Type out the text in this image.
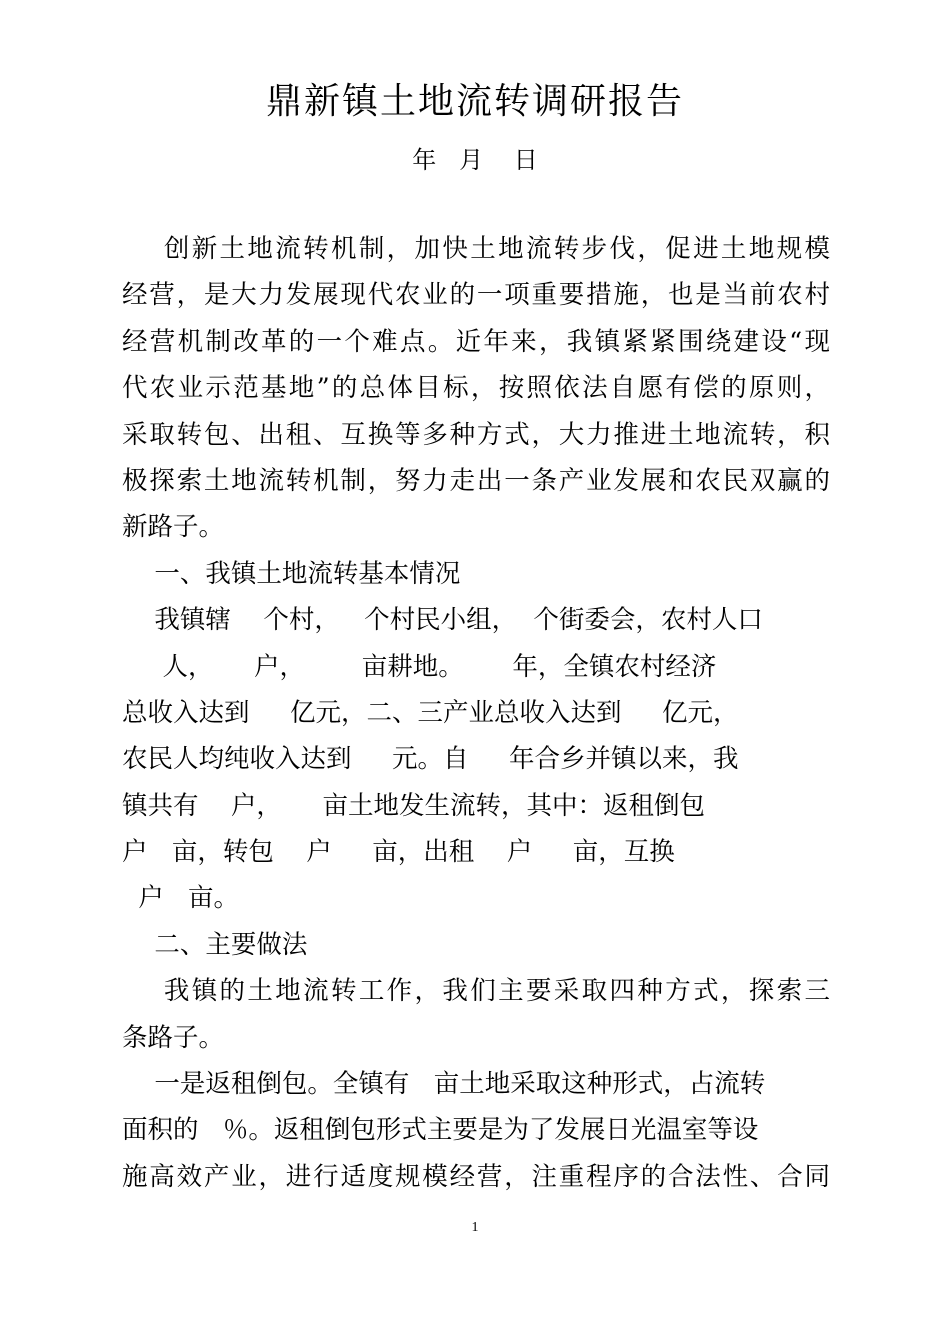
鼎新镇土地流转调研报告
年   月    日
创新土地流转机制，加快土地流转步伐，促进土地规模
经营，是大力发展现代农业的一项重要措施，也是当前农村
经营机制改革的一个难点。近年来，我镇紧紧围绕建设“现
代农业示范基地”的总体目标，按照依法自愿有偿的原则，
采取转包、出租、互换等多种方式，大力推进土地流转，积
极探索土地流转机制，努力走出一条产业发展和农民双赢的
新路子。
一、我镇土地流转基本情况
我镇辖    个村，   个村民小组，  个街委会，农村人口
人，     户，       亩耕地。      年，全镇农村经济
总收入达到     亿元，二、三产业总收入达到     亿元，
农民人均纯收入达到     元。自     年合乡并镇以来，我
镇共有    户，     亩土地发生流转，其中：返租倒包
户   亩，转包    户     亩，出租    户     亩，互换
户   亩。
二、主要做法
我镇的土地流转工作，我们主要采取四种方式，探索三
条路子。
一是返租倒包。全镇有   亩土地采取这种形式，占流转
面积的   ％。返租倒包形式主要是为了发展日光温室等设
施高效产业，进行适度规模经营，注重程序的合法性、合同
1
